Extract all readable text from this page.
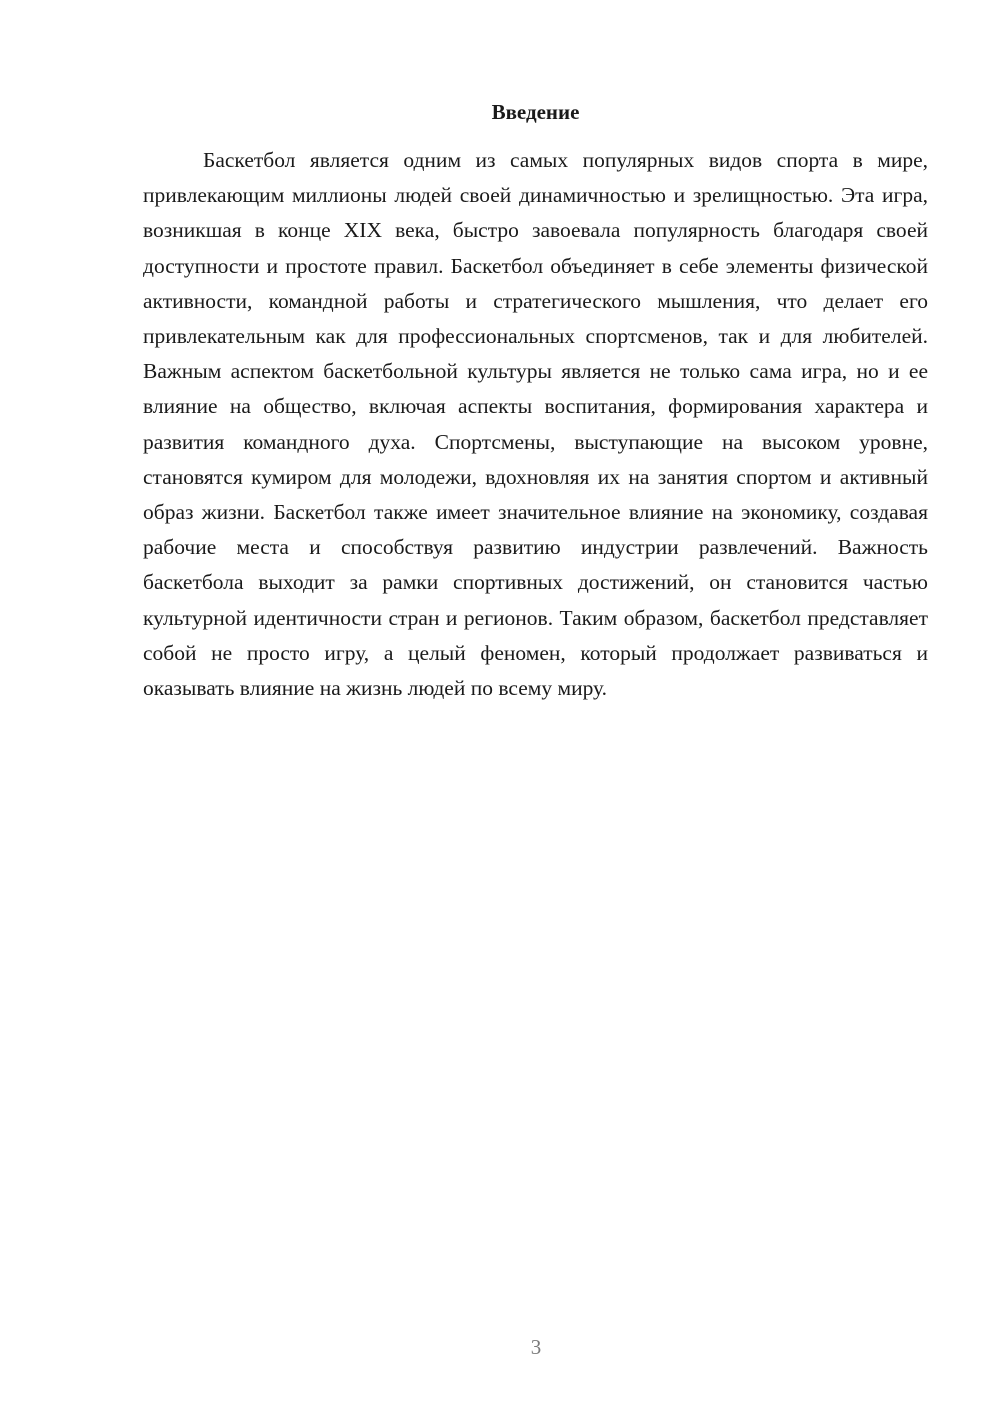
Введение

Баскетбол является одним из самых популярных видов спорта в мире, привлекающим миллионы людей своей динамичностью и зрелищностью. Эта игра, возникшая в конце XIX века, быстро завоевала популярность благодаря своей доступности и простоте правил. Баскетбол объединяет в себе элементы физической активности, командной работы и стратегического мышления, что делает его привлекательным как для профессиональных спортсменов, так и для любителей. Важным аспектом баскетбольной культуры является не только сама игра, но и ее влияние на общество, включая аспекты воспитания, формирования характера и развития командного духа. Спортсмены, выступающие на высоком уровне, становятся кумиром для молодежи, вдохновляя их на занятия спортом и активный образ жизни. Баскетбол также имеет значительное влияние на экономику, создавая рабочие места и способствуя развитию индустрии развлечений. Важность баскетбола выходит за рамки спортивных достижений, он становится частью культурной идентичности стран и регионов. Таким образом, баскетбол представляет собой не просто игру, а целый феномен, который продолжает развиваться и оказывать влияние на жизнь людей по всему миру.

3
